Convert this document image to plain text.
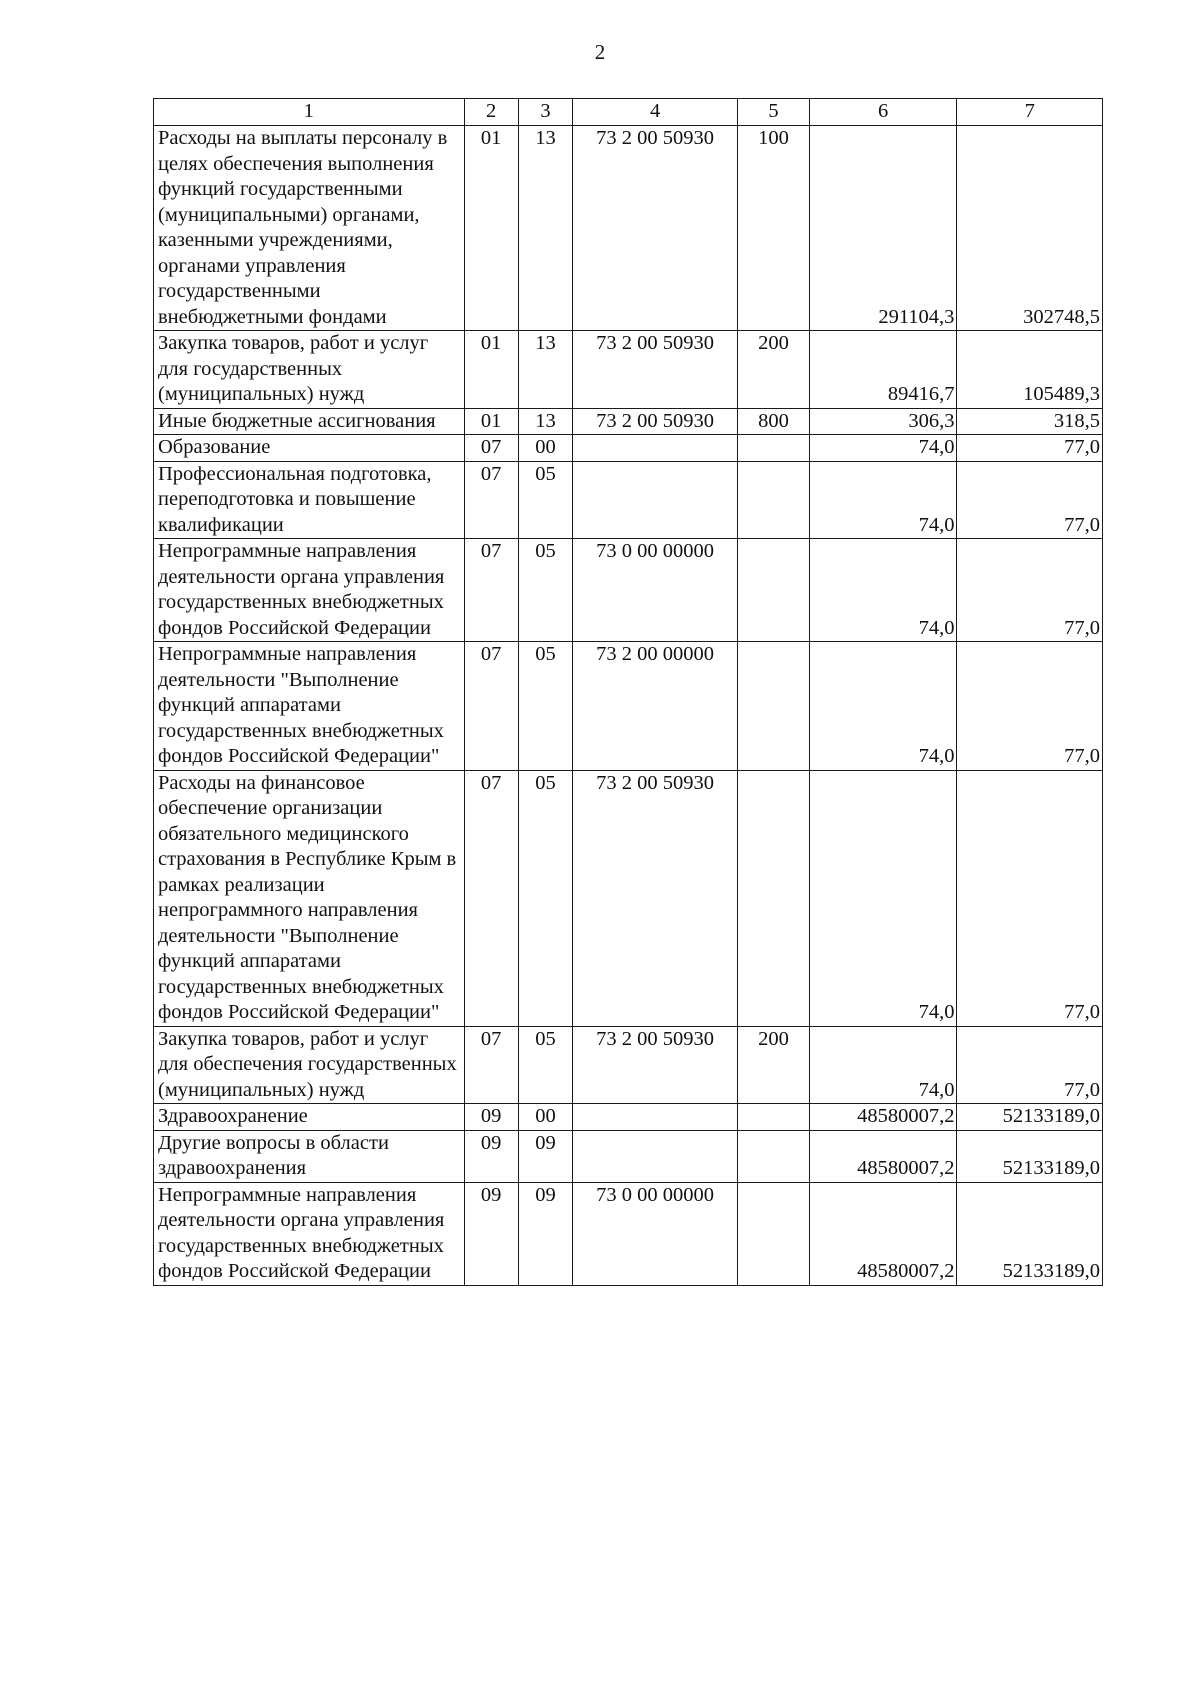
2
1	2	3	4	5	6	7
Расходы на выплаты персоналу в целях обеспечения выполнения функций государственными (муниципальными) органами, казенными учреждениями, органами управления государственными внебюджетными фондами	01	13	73 2 00 50930	100	291104,3	302748,5
Закупка товаров, работ и услуг для государственных (муниципальных) нужд	01	13	73 2 00 50930	200	89416,7	105489,3
Иные бюджетные ассигнования	01	13	73 2 00 50930	800	306,3	318,5
Образование	07	00			74,0	77,0
Профессиональная подготовка, переподготовка и повышение квалификации	07	05			74,0	77,0
Непрограммные направления деятельности органа управления государственных внебюджетных фондов Российской Федерации	07	05	73 0 00 00000		74,0	77,0
Непрограммные направления деятельности "Выполнение функций аппаратами государственных внебюджетных фондов Российской Федерации"	07	05	73 2 00 00000		74,0	77,0
Расходы на финансовое обеспечение организации обязательного медицинского страхования в Республике Крым в рамках реализации непрограммного направления деятельности "Выполнение функций аппаратами государственных внебюджетных фондов Российской Федерации"	07	05	73 2 00 50930		74,0	77,0
Закупка товаров, работ и услуг для обеспечения государственных (муниципальных) нужд	07	05	73 2 00 50930	200	74,0	77,0
Здравоохранение	09	00			48580007,2	52133189,0
Другие вопросы в области здравоохранения	09	09			48580007,2	52133189,0
Непрограммные направления деятельности органа управления государственных внебюджетных фондов Российской Федерации	09	09	73 0 00 00000		48580007,2	52133189,0
